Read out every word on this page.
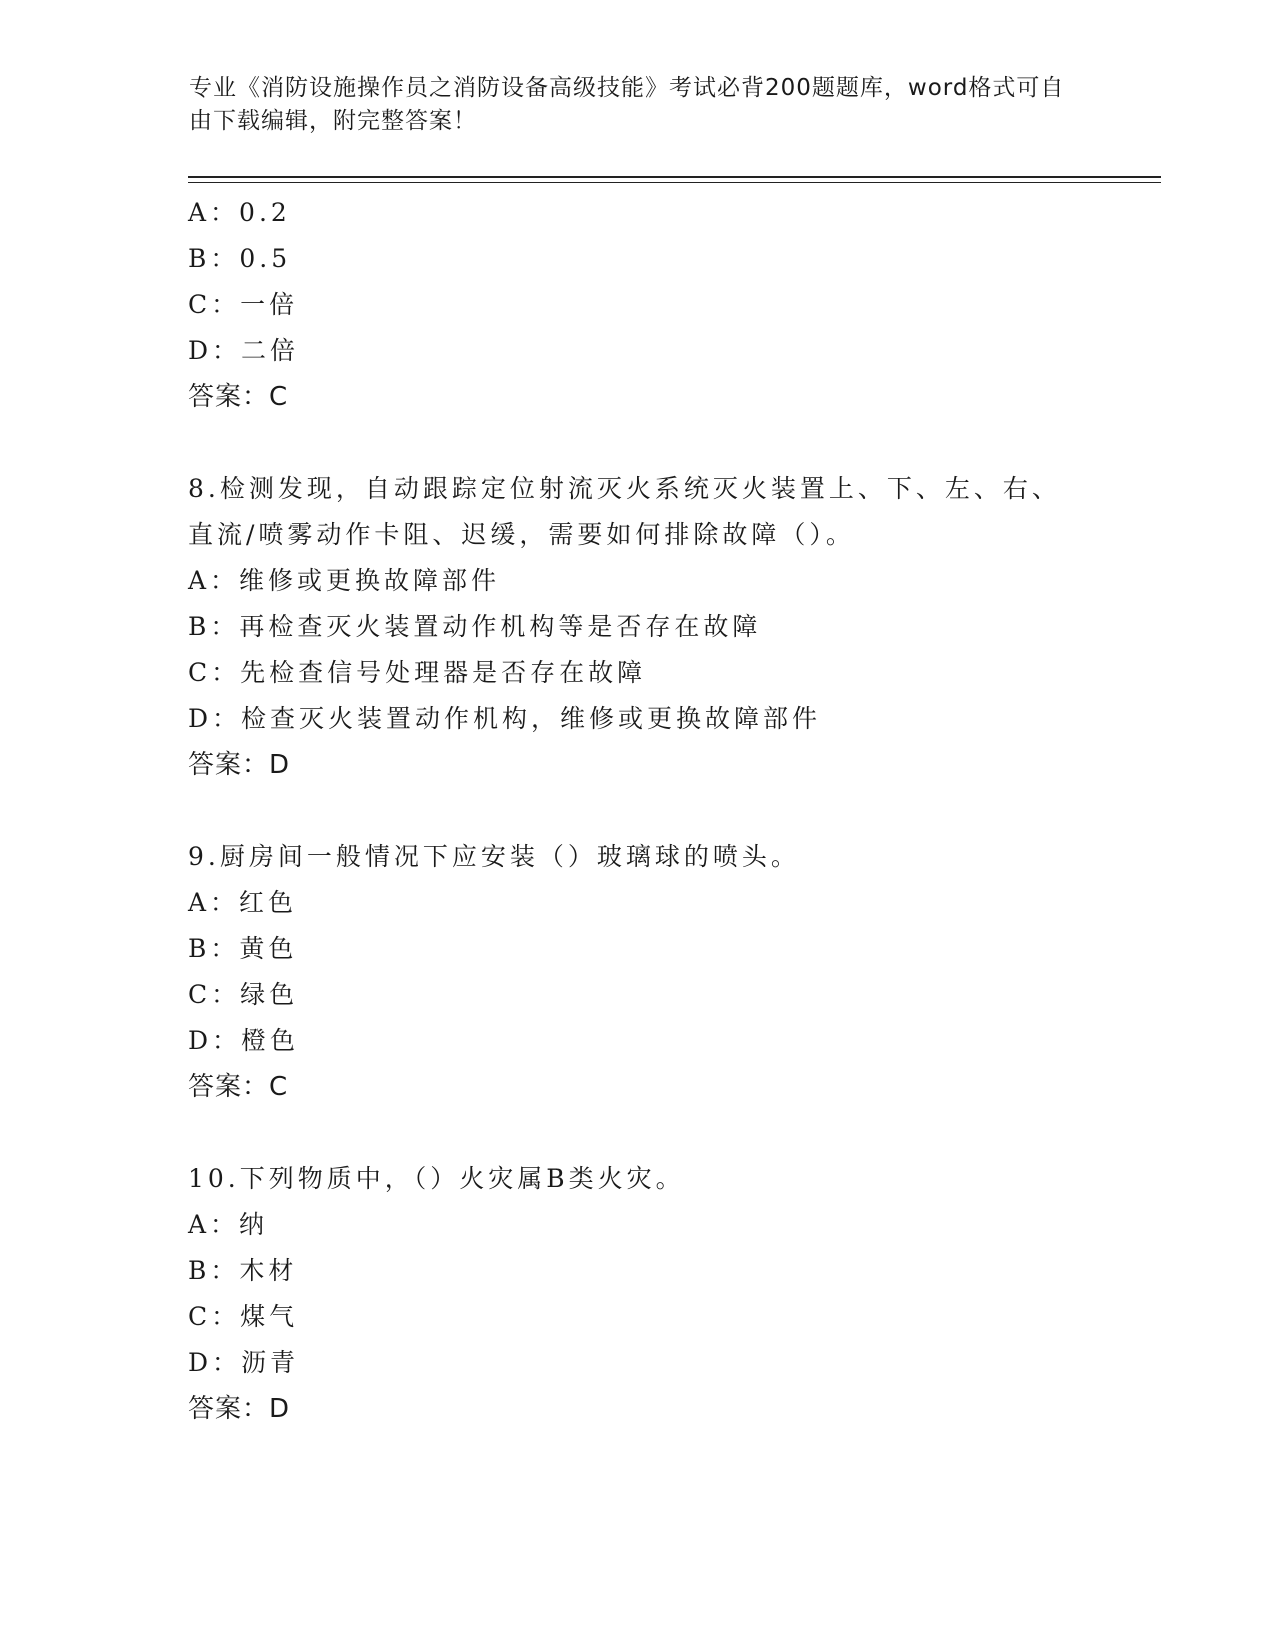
专业《消防设施操作员之消防设备高级技能》考试必背200题题库，word格式可自由下载编辑，附完整答案！
A：0.2
B：0.5
C：一倍
D：二倍
答案：C
8.检测发现，自动跟踪定位射流灭火系统灭火装置上、下、左、右、
直流/喷雾动作卡阻、迟缓，需要如何排除故障（）。
A：维修或更换故障部件
B：再检查灭火装置动作机构等是否存在故障
C：先检查信号处理器是否存在故障
D：检查灭火装置动作机构，维修或更换故障部件
答案：D
9.厨房间一般情况下应安装（）玻璃球的喷头。
A：红色
B：黄色
C：绿色
D：橙色
答案：C
10.下列物质中，（）火灾属B类火灾。
A：纳
B：木材
C：煤气
D：沥青
答案：D
